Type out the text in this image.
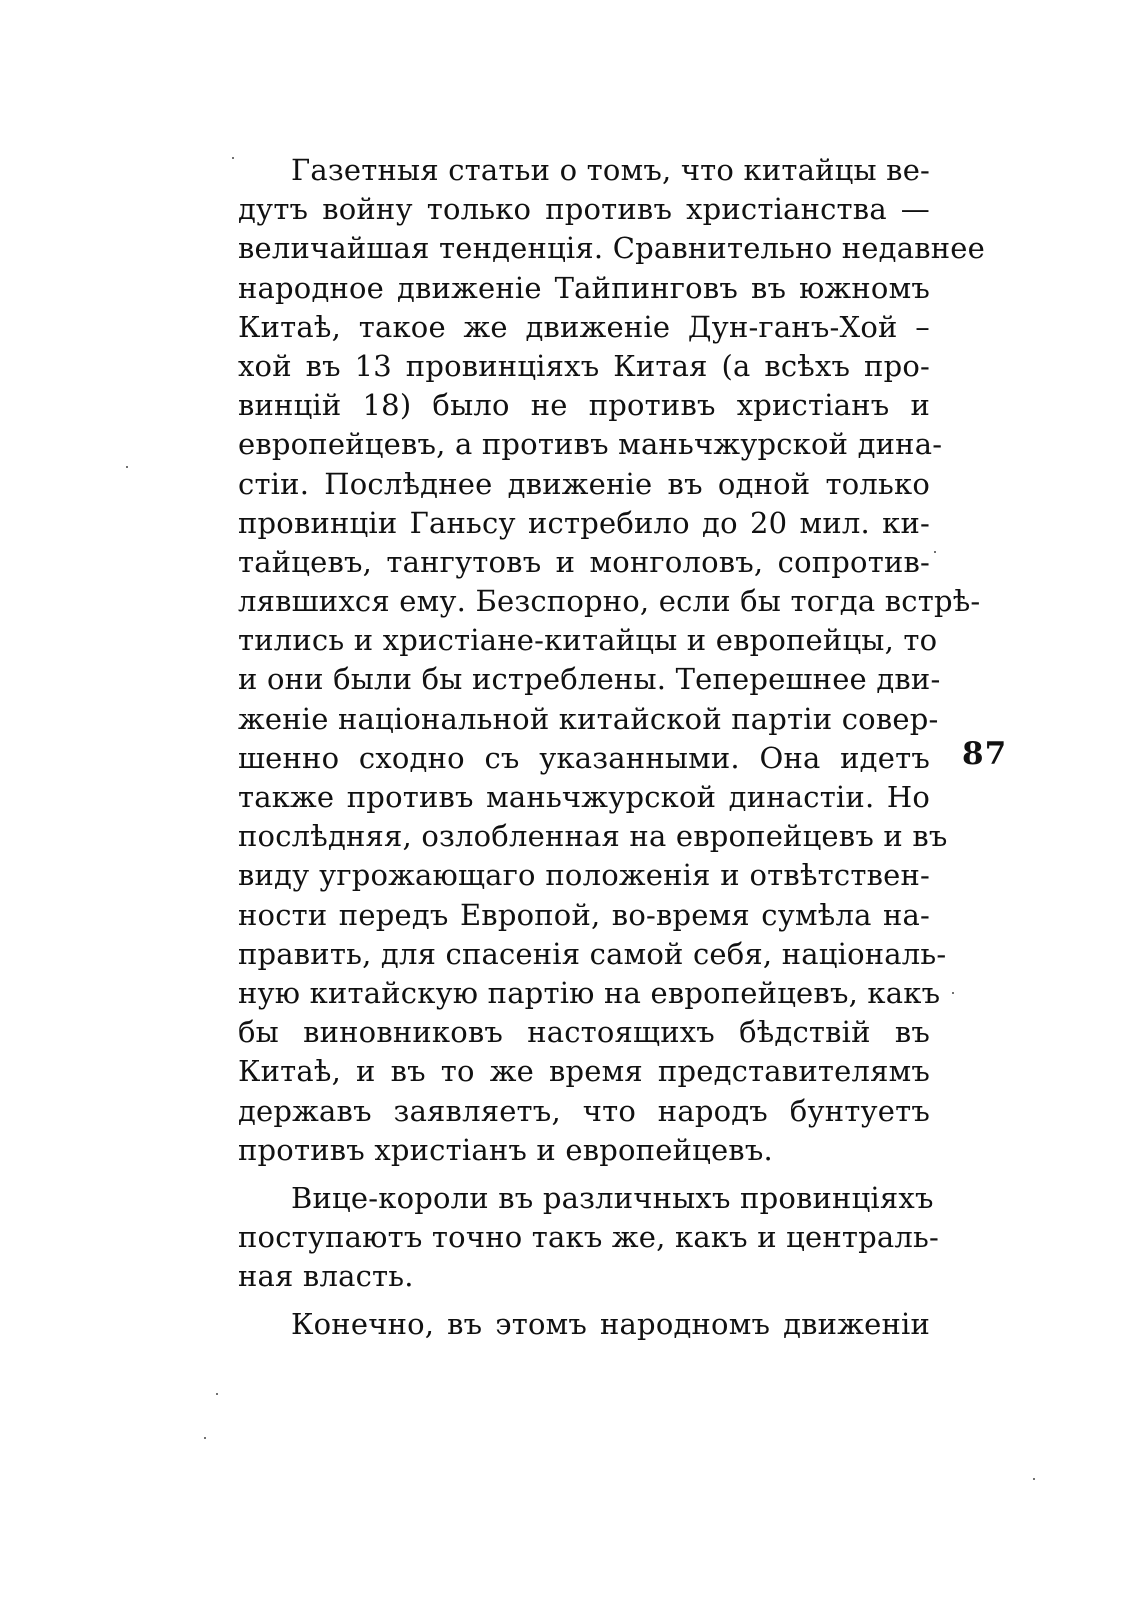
Газетныя статьи о томъ, что китайцы ве-
дутъ войну только противъ христіанства —
величайшая тенденція. Сравнительно недавнее
народное движеніе Тайпинговъ въ южномъ
Китаѣ, такое же движеніе Дун-ганъ-Хой –
хой въ 13 провинціяхъ Китая (а всѣхъ про-
винцій 18) было не противъ христіанъ и
европейцевъ, а противъ маньчжурской дина-
стіи. Послѣднее движеніе въ одной только
провинціи Ганьсу истребило до 20 мил. ки-
тайцевъ, тангутовъ и монголовъ, сопротив-
лявшихся ему. Безспорно, если бы тогда встрѣ-
тились и христіане-китайцы и европейцы, то
и они были бы истреблены. Теперешнее дви-
женіе національной китайской партіи совер-
шенно сходно съ указанными. Она идетъ
также противъ маньчжурской династіи. Но
послѣдняя, озлобленная на европейцевъ и въ
виду угрожающаго положенія и отвѣтствен-
ности передъ Европой, во-время сумѣла на-
править, для спасенія самой себя, національ-
ную китайскую партію на европейцевъ, какъ
бы виновниковъ настоящихъ бѣдствій въ
Китаѣ, и въ то же время представителямъ
державъ заявляетъ, что народъ бунтуетъ
противъ христіанъ и европейцевъ.
Вице-короли въ различныхъ провинціяхъ
поступаютъ точно такъ же, какъ и централь-
ная власть.
Конечно, въ этомъ народномъ движеніи
87
